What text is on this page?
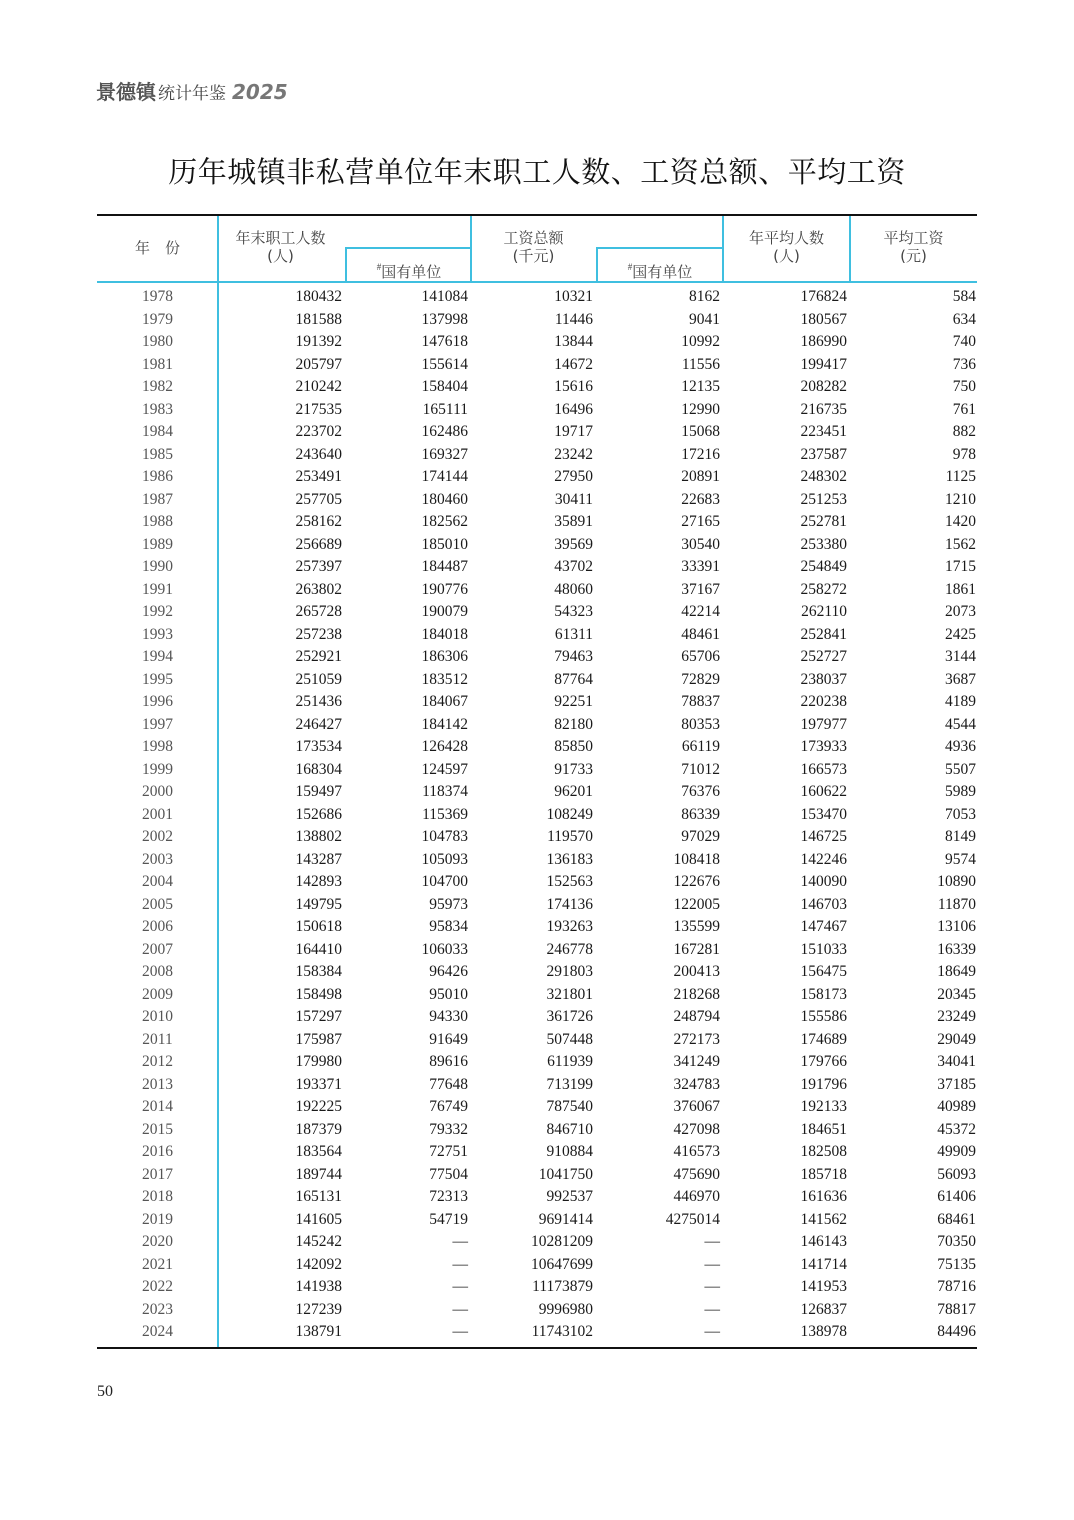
景德镇 统计年鉴 2025
历年城镇非私营单位年末职工人数、工资总额、平均工资
年　份
年末职工人数
(人)
#国有单位
工资总额
(千元)
#国有单位
年平均人数
(人)
平均工资
(元)
1978	180432	141084	10321	8162	176824	584
1979	181588	137998	11446	9041	180567	634
1980	191392	147618	13844	10992	186990	740
1981	205797	155614	14672	11556	199417	736
1982	210242	158404	15616	12135	208282	750
1983	217535	165111	16496	12990	216735	761
1984	223702	162486	19717	15068	223451	882
1985	243640	169327	23242	17216	237587	978
1986	253491	174144	27950	20891	248302	1125
1987	257705	180460	30411	22683	251253	1210
1988	258162	182562	35891	27165	252781	1420
1989	256689	185010	39569	30540	253380	1562
1990	257397	184487	43702	33391	254849	1715
1991	263802	190776	48060	37167	258272	1861
1992	265728	190079	54323	42214	262110	2073
1993	257238	184018	61311	48461	252841	2425
1994	252921	186306	79463	65706	252727	3144
1995	251059	183512	87764	72829	238037	3687
1996	251436	184067	92251	78837	220238	4189
1997	246427	184142	82180	80353	197977	4544
1998	173534	126428	85850	66119	173933	4936
1999	168304	124597	91733	71012	166573	5507
2000	159497	118374	96201	76376	160622	5989
2001	152686	115369	108249	86339	153470	7053
2002	138802	104783	119570	97029	146725	8149
2003	143287	105093	136183	108418	142246	9574
2004	142893	104700	152563	122676	140090	10890
2005	149795	95973	174136	122005	146703	11870
2006	150618	95834	193263	135599	147467	13106
2007	164410	106033	246778	167281	151033	16339
2008	158384	96426	291803	200413	156475	18649
2009	158498	95010	321801	218268	158173	20345
2010	157297	94330	361726	248794	155586	23249
2011	175987	91649	507448	272173	174689	29049
2012	179980	89616	611939	341249	179766	34041
2013	193371	77648	713199	324783	191796	37185
2014	192225	76749	787540	376067	192133	40989
2015	187379	79332	846710	427098	184651	45372
2016	183564	72751	910884	416573	182508	49909
2017	189744	77504	1041750	475690	185718	56093
2018	165131	72313	992537	446970	161636	61406
2019	141605	54719	9691414	4275014	141562	68461
2020	145242	—	10281209	—	146143	70350
2021	142092	—	10647699	—	141714	75135
2022	141938	—	11173879	—	141953	78716
2023	127239	—	9996980	—	126837	78817
2024	138791	—	11743102	—	138978	84496
50
